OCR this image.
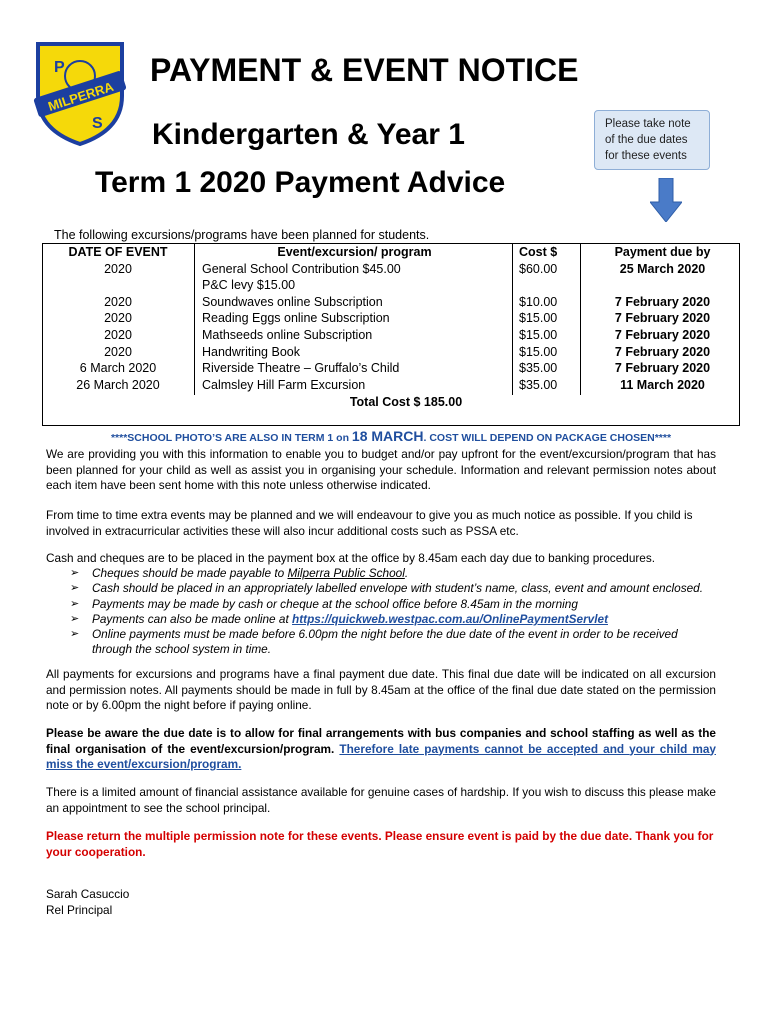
P
MILPERRA
S
PAYMENT & EVENT NOTICE
Kindergarten & Year 1
Term 1 2020 Payment Advice
Please take note
of the due dates
for these events
The following excursions/programs have been planned for students.
DATE OF EVENT
2020
2020
2020
2020
2020
6 March 2020
26 March 2020
Event/excursion/ program
General School Contribution $45.00
P&C levy $15.00
Soundwaves online Subscription
Reading Eggs online Subscription
Mathseeds online Subscription
Handwriting Book
Riverside Theatre – Gruffalo’s Child
Calmsley Hill Farm Excursion
Cost $
$60.00
$10.00
$15.00
$15.00
$15.00
$35.00
$35.00
Payment due by
25 March 2020
7 February 2020
7 February 2020
7 February 2020
7 February 2020
7 February 2020
11 March 2020
Total Cost $ 185.00
****SCHOOL PHOTO’S ARE ALSO IN TERM 1 on 18 MARCH. COST WILL DEPEND ON PACKAGE CHOSEN****
We are providing you with this information to enable you to budget and/or pay upfront for the event/excursion/program that has been planned for your child as well as assist you in organising your schedule. Information and relevant permission notes about each item have been sent home with this note unless otherwise indicated.
From time to time extra events may be planned and we will endeavour to give you as much notice as possible. If you child is involved in extracurricular activities these will also incur additional costs such as PSSA etc.
Cash and cheques are to be placed in the payment box at the office by 8.45am each day due to banking procedures.
➢ Cheques should be made payable to Milperra Public School.
➢ Cash should be placed in an appropriately labelled envelope with student’s name, class, event and amount enclosed.
➢ Payments may be made by cash or cheque at the school office before 8.45am in the morning
➢ Payments can also be made online at https://quickweb.westpac.com.au/OnlinePaymentServlet
➢ Online payments must be made before 6.00pm the night before the due date of the event in order to be received through the school system in time.
All payments for excursions and programs have a final payment due date. This final due date will be indicated on all excursion and permission notes. All payments should be made in full by 8.45am at the office of the final due date stated on the permission note or by 6.00pm the night before if paying online.
Please be aware the due date is to allow for final arrangements with bus companies and school staffing as well as the final organisation of the event/excursion/program. Therefore late payments cannot be accepted and your child may miss the event/excursion/program.
There is a limited amount of financial assistance available for genuine cases of hardship. If you wish to discuss this please make an appointment to see the school principal.
Please return the multiple permission note for these events. Please ensure event is paid by the due date. Thank you for your cooperation.
Sarah Casuccio
Rel Principal
